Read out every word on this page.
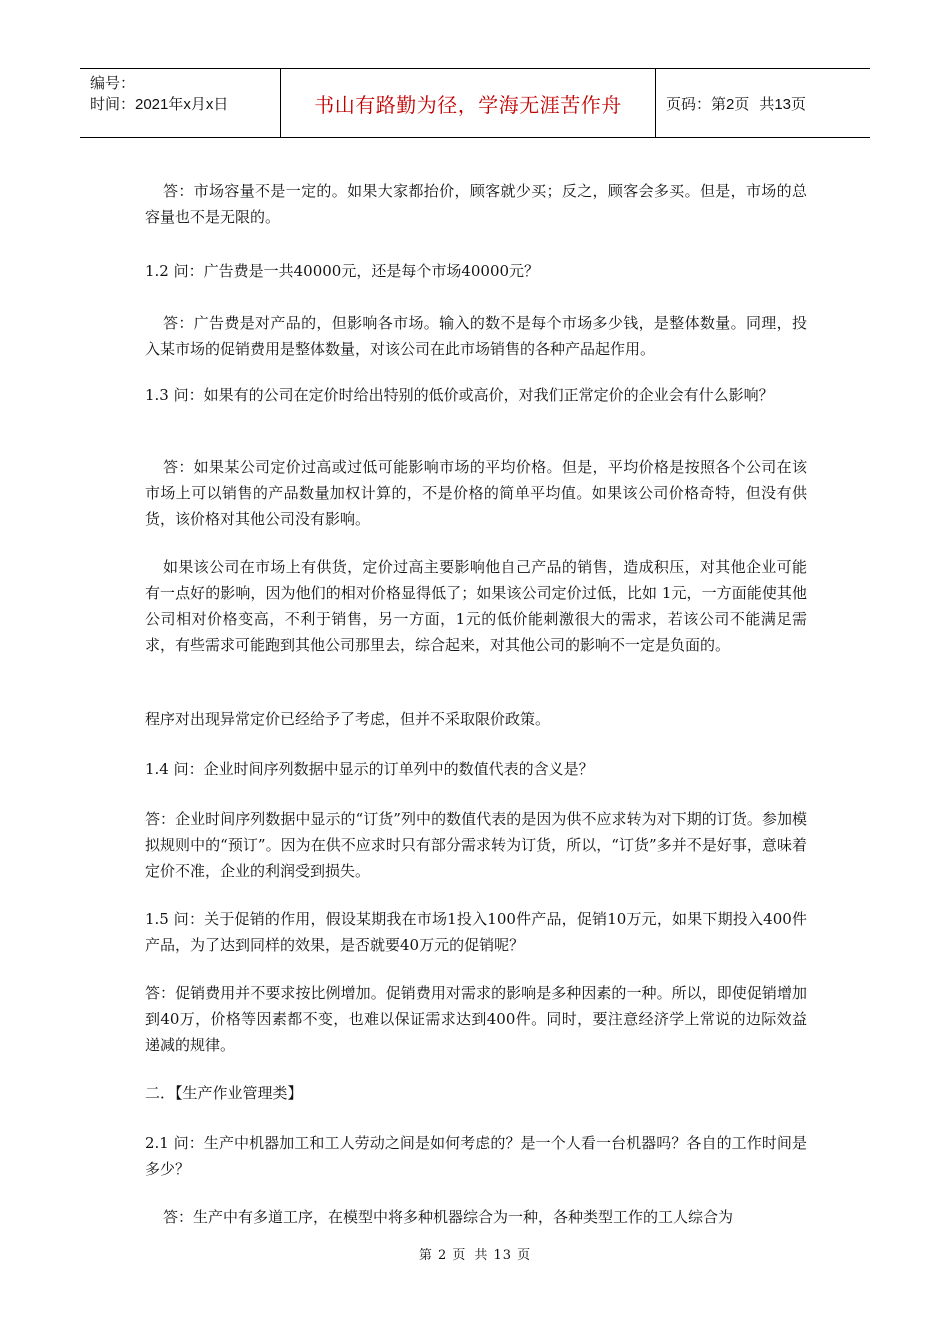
编号：
时间：2021年x月x日	书山有路勤为径，学海无涯苦作舟	页码：第2页 共13页

答：市场容量不是一定的。如果大家都抬价，顾客就少买；反之，顾客会多买。但是，市场的总容量也不是无限的。

1.2 问：广告费是一共40000元，还是每个市场40000元？

答：广告费是对产品的，但影响各市场。输入的数不是每个市场多少钱，是整体数量。同理，投入某市场的促销费用是整体数量，对该公司在此市场销售的各种产品起作用。

1.3 问：如果有的公司在定价时给出特别的低价或高价，对我们正常定价的企业会有什么影响？

答：如果某公司定价过高或过低可能影响市场的平均价格。但是，平均价格是按照各个公司在该市场上可以销售的产品数量加权计算的，不是价格的简单平均值。如果该公司价格奇特，但没有供货，该价格对其他公司没有影响。

如果该公司在市场上有供货，定价过高主要影响他自己产品的销售，造成积压，对其他企业可能有一点好的影响，因为他们的相对价格显得低了；如果该公司定价过低，比如 1元，一方面能使其他公司相对价格变高，不利于销售，另一方面，1元的低价能刺激很大的需求，若该公司不能满足需求，有些需求可能跑到其他公司那里去，综合起来，对其他公司的影响不一定是负面的。

程序对出现异常定价已经给予了考虑，但并不采取限价政策。

1.4 问：企业时间序列数据中显示的订单列中的数值代表的含义是？

答：企业时间序列数据中显示的“订货”列中的数值代表的是因为供不应求转为对下期的订货。参加模拟规则中的“预订”。因为在供不应求时只有部分需求转为订货，所以，“订货”多并不是好事，意味着定价不准，企业的利润受到损失。

1.5 问：关于促销的作用，假设某期我在市场1投入100件产品，促销10万元，如果下期投入400件产品，为了达到同样的效果，是否就要40万元的促销呢？

答：促销费用并不要求按比例增加。促销费用对需求的影响是多种因素的一种。所以，即使促销增加到40万，价格等因素都不变，也难以保证需求达到400件。同时，要注意经济学上常说的边际效益递减的规律。

二．【生产作业管理类】

2.1 问：生产中机器加工和工人劳动之间是如何考虑的？是一个人看一台机器吗？各自的工作时间是多少？

答：生产中有多道工序，在模型中将多种机器综合为一种，各种类型工作的工人综合为

第 2 页 共 13 页
